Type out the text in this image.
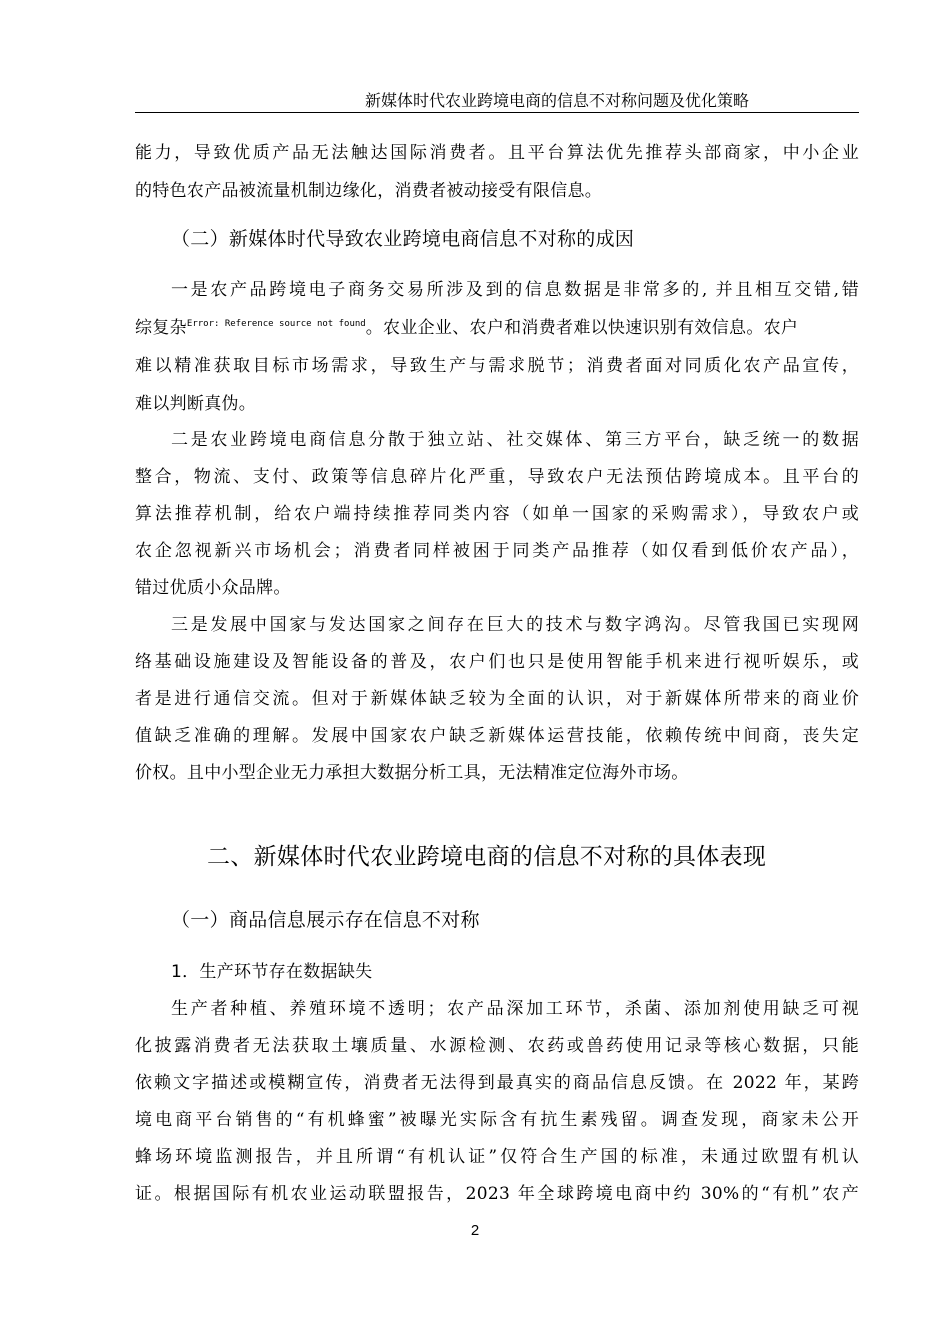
新媒体时代农业跨境电商的信息不对称问题及优化策略
能力，导致优质产品无法触达国际消费者。且平台算法优先推荐头部商家，中小企业
的特色农产品被流量机制边缘化，消费者被动接受有限信息。
（二）新媒体时代导致农业跨境电商信息不对称的成因
一是农产品跨境电子商务交易所涉及到的信息数据是非常多的, 并且相互交错,错
综复杂$^{Error: Reference source not found}$。农业企业、农户和消费者难以快速识别有效信息。农户
难以精准获取目标市场需求，导致生产与需求脱节；消费者面对同质化农产品宣传，
难以判断真伪。
二是农业跨境电商信息分散于独立站、社交媒体、第三方平台，缺乏统一的数据
整合，物流、支付、政策等信息碎片化严重，导致农户无法预估跨境成本。且平台的
算法推荐机制，给农户端持续推荐同类内容（如单一国家的采购需求），导致农户或
农企忽视新兴市场机会；消费者同样被困于同类产品推荐（如仅看到低价农产品），
错过优质小众品牌。
三是发展中国家与发达国家之间存在巨大的技术与数字鸿沟。尽管我国已实现网
络基础设施建设及智能设备的普及，农户们也只是使用智能手机来进行视听娱乐，或
者是进行通信交流。但对于新媒体缺乏较为全面的认识，对于新媒体所带来的商业价
值缺乏准确的理解。发展中国家农户缺乏新媒体运营技能，依赖传统中间商，丧失定
价权。且中小型企业无力承担大数据分析工具，无法精准定位海外市场。
二、新媒体时代农业跨境电商的信息不对称的具体表现
（一）商品信息展示存在信息不对称
1．生产环节存在数据缺失
生产者种植、养殖环境不透明；农产品深加工环节，杀菌、添加剂使用缺乏可视
化披露消费者无法获取土壤质量、水源检测、农药或兽药使用记录等核心数据，只能
依赖文字描述或模糊宣传，消费者无法得到最真实的商品信息反馈。在 2022 年，某跨
境电商平台销售的“有机蜂蜜”被曝光实际含有抗生素残留。调查发现，商家未公开
蜂场环境监测报告，并且所谓“有机认证”仅符合生产国的标准，未通过欧盟有机认
证。根据国际有机农业运动联盟报告，2023 年全球跨境电商中约 30%的“有机”农产
2
